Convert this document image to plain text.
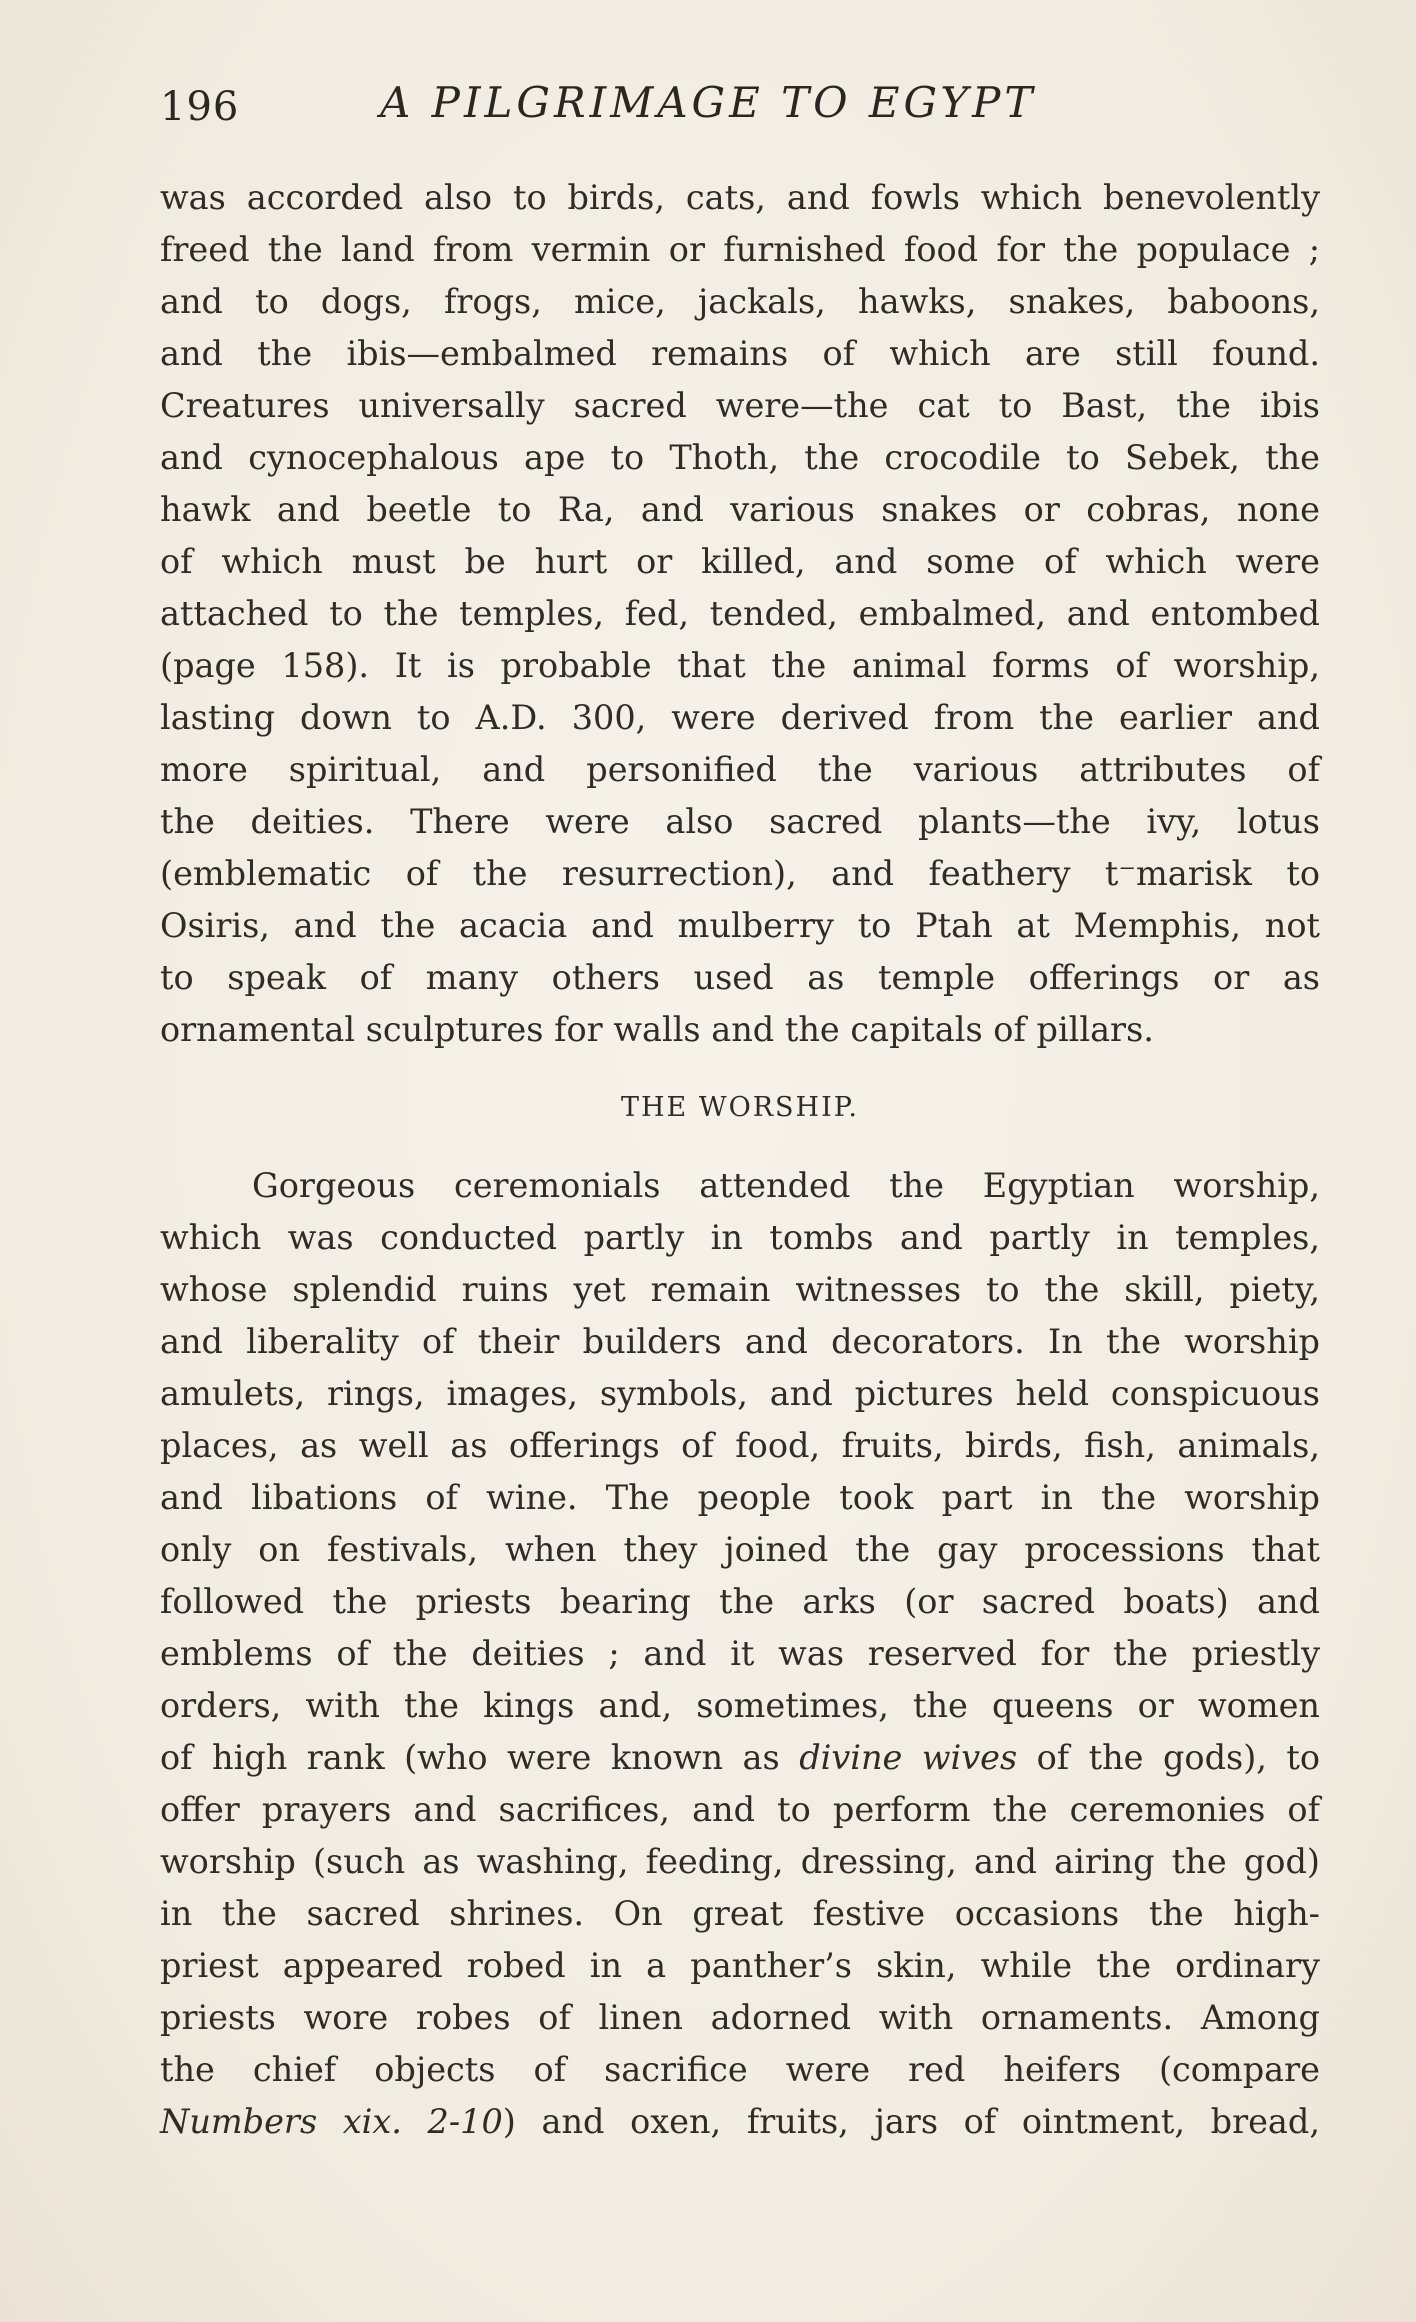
196	A PILGRIMAGE TO EGYPT
was accorded also to birds, cats, and fowls which benevolently
freed the land from vermin or furnished food for the populace ;
and to dogs, frogs, mice, jackals, hawks, snakes, baboons,
and the ibis—embalmed remains of which are still found.
Creatures universally sacred were—the cat to Bast, the ibis
and cynocephalous ape to Thoth, the crocodile to Sebek, the
hawk and beetle to Ra, and various snakes or cobras, none
of which must be hurt or killed, and some of which were
attached to the temples, fed, tended, embalmed, and entombed
(page 158). It is probable that the animal forms of worship,
lasting down to A.D. 300, were derived from the earlier and
more spiritual, and personified the various attributes of
the deities. There were also sacred plants—the ivy, lotus
(emblematic of the resurrection), and feathery t⁻marisk to
Osiris, and the acacia and mulberry to Ptah at Memphis, not
to speak of many others used as temple offerings or as
ornamental sculptures for walls and the capitals of pillars.
THE WORSHIP.
Gorgeous ceremonials attended the Egyptian worship,
which was conducted partly in tombs and partly in temples,
whose splendid ruins yet remain witnesses to the skill, piety,
and liberality of their builders and decorators. In the worship
amulets, rings, images, symbols, and pictures held conspicuous
places, as well as offerings of food, fruits, birds, fish, animals,
and libations of wine. The people took part in the worship
only on festivals, when they joined the gay processions that
followed the priests bearing the arks (or sacred boats) and
emblems of the deities ; and it was reserved for the priestly
orders, with the kings and, sometimes, the queens or women
of high rank (who were known as divine wives of the gods), to
offer prayers and sacrifices, and to perform the ceremonies of
worship (such as washing, feeding, dressing, and airing the god)
in the sacred shrines. On great festive occasions the high-
priest appeared robed in a panther’s skin, while the ordinary
priests wore robes of linen adorned with ornaments. Among
the chief objects of sacrifice were red heifers (compare
Numbers xix. 2-10) and oxen, fruits, jars of ointment, bread,
